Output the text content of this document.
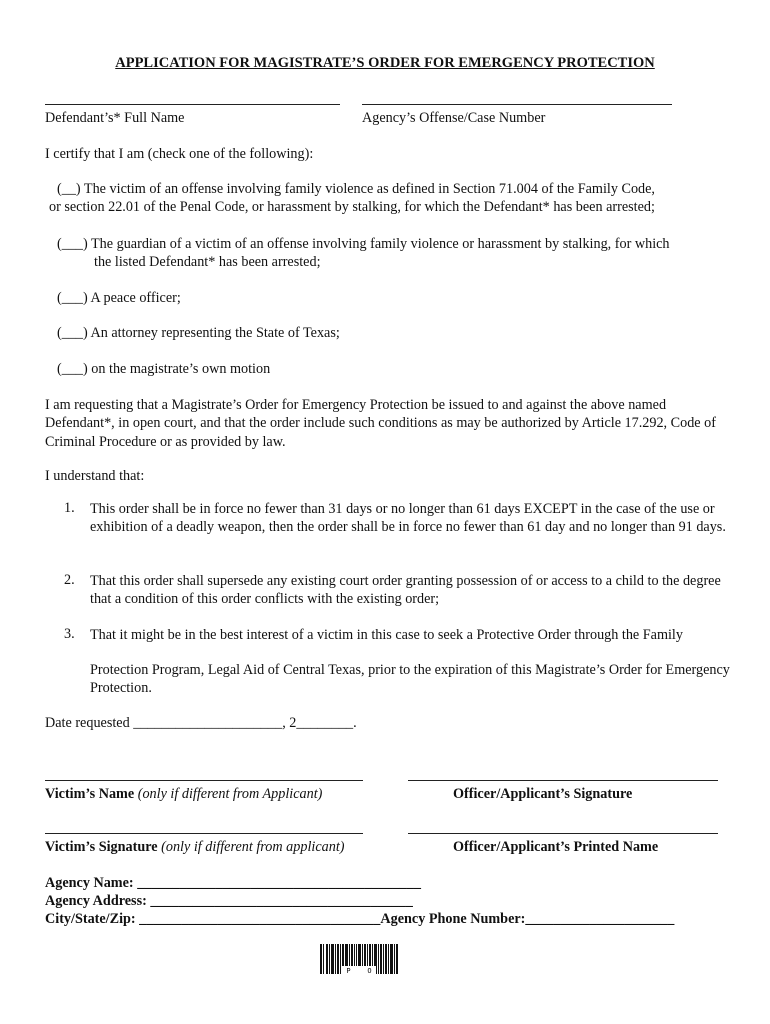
APPLICATION FOR MAGISTRATE’S ORDER FOR EMERGENCY PROTECTION
Defendant’s* Full Name	Agency’s Offense/Case Number
I certify that I am (check one of the following):
(__) The victim of an offense involving family violence as defined in Section 71.004 of the Family Code,
or section 22.01 of the Penal Code, or harassment by stalking, for which the Defendant* has been arrested;
(___) The guardian of a victim of an offense involving family violence or harassment by stalking, for which
the listed Defendant* has been arrested;
(___) A peace officer;
(___) An attorney representing the State of Texas;
(___) on the magistrate’s own motion
I am requesting that a Magistrate’s Order for Emergency Protection be issued to and against the above named Defendant*, in open court, and that the order include such conditions as may be authorized by Article 17.292, Code of Criminal Procedure or as provided by law.
I understand that:
1. This order shall be in force no fewer than 31 days or no longer than 61 days EXCEPT in the case of the use or exhibition of a deadly weapon, then the order shall be in force no fewer than 61 day and no longer than 91 days.
2. That this order shall supersede any existing court order granting possession of or access to a child to the degree that a condition of this order conflicts with the existing order;
3. That it might be in the best interest of a victim in this case to seek a Protective Order through the Family
Protection Program, Legal Aid of Central Texas, prior to the expiration of this Magistrate’s Order for Emergency Protection.
Date requested _____________________, 2________.
Victim’s Name (only if different from Applicant)	Officer/Applicant’s Signature
Victim’s Signature (only if different from applicant)	Officer/Applicant’s Printed Name
Agency Name: ________________________________________
Agency Address: _____________________________________
City/State/Zip: __________________________________Agency Phone Number:_____________________
P    O
